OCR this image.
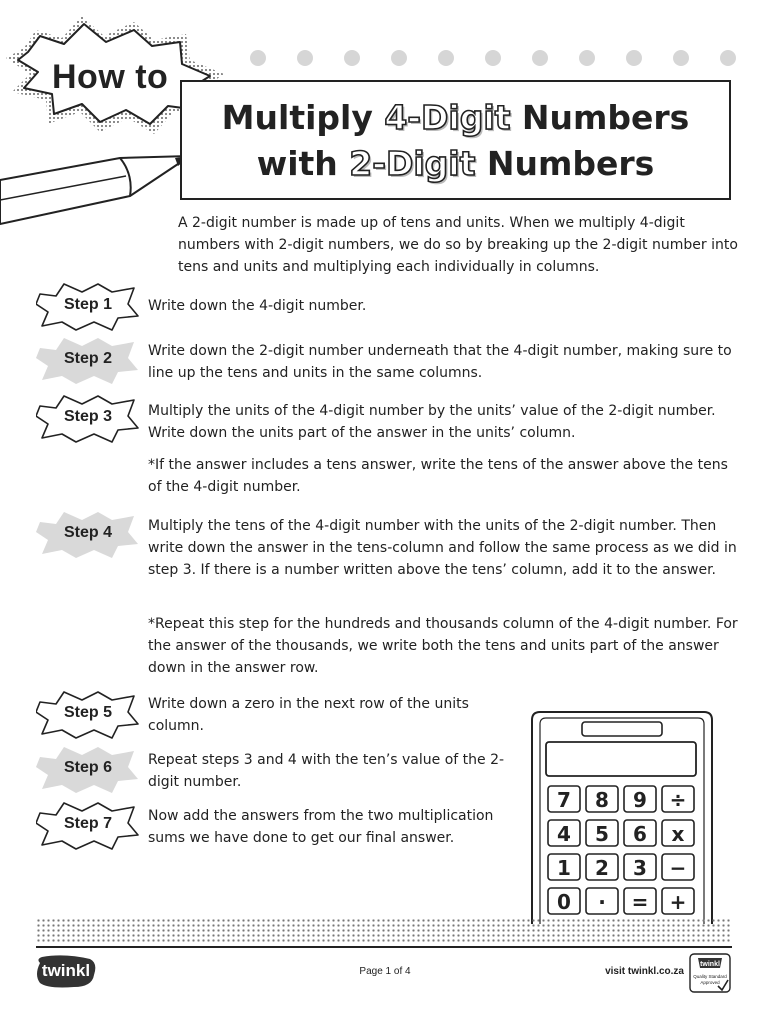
How to
Multiply 4-Digit Numbers
with 2-Digit Numbers
A 2-digit number is made up of tens and units. When we multiply 4-digit numbers with 2-digit numbers, we do so by breaking up the 2-digit number into tens and units and multiplying each individually in columns.
Step 1
Step 2
Step 3
Step 4
Step 5
Step 6
Step 7
Write down the 4-digit number.
Write down the 2-digit number underneath that the 4-digit number, making sure to line up the tens and units in the same columns.
Multiply the units of the 4-digit number by the units’ value of the 2-digit number. Write down the units part of the answer in the units’ column.
*If the answer includes a tens answer, write the tens of the answer above the tens of the 4-digit number.
Multiply the tens of the 4-digit number with the units of the 2-digit number. Then write down the answer in the tens-column and follow the same process as we did in step 3. If there is a number written above the tens’ column, add it to the answer.
*Repeat this step for the hundreds and thousands column of the 4-digit number. For the answer of the thousands, we write both the tens and units part of the answer down in the answer row.
Write down a zero in the next row of the units column.
Repeat steps 3 and 4 with the ten’s value of the 2-digit number.
Now add the answers from the two multiplication sums we have done to get our final answer.
7 8 9 ÷
4 5 6 x
1 2 3 −
0 · = +
twinkl	Page 1 of 4	visit twinkl.co.za
twinkl
Quality Standard
Approved
